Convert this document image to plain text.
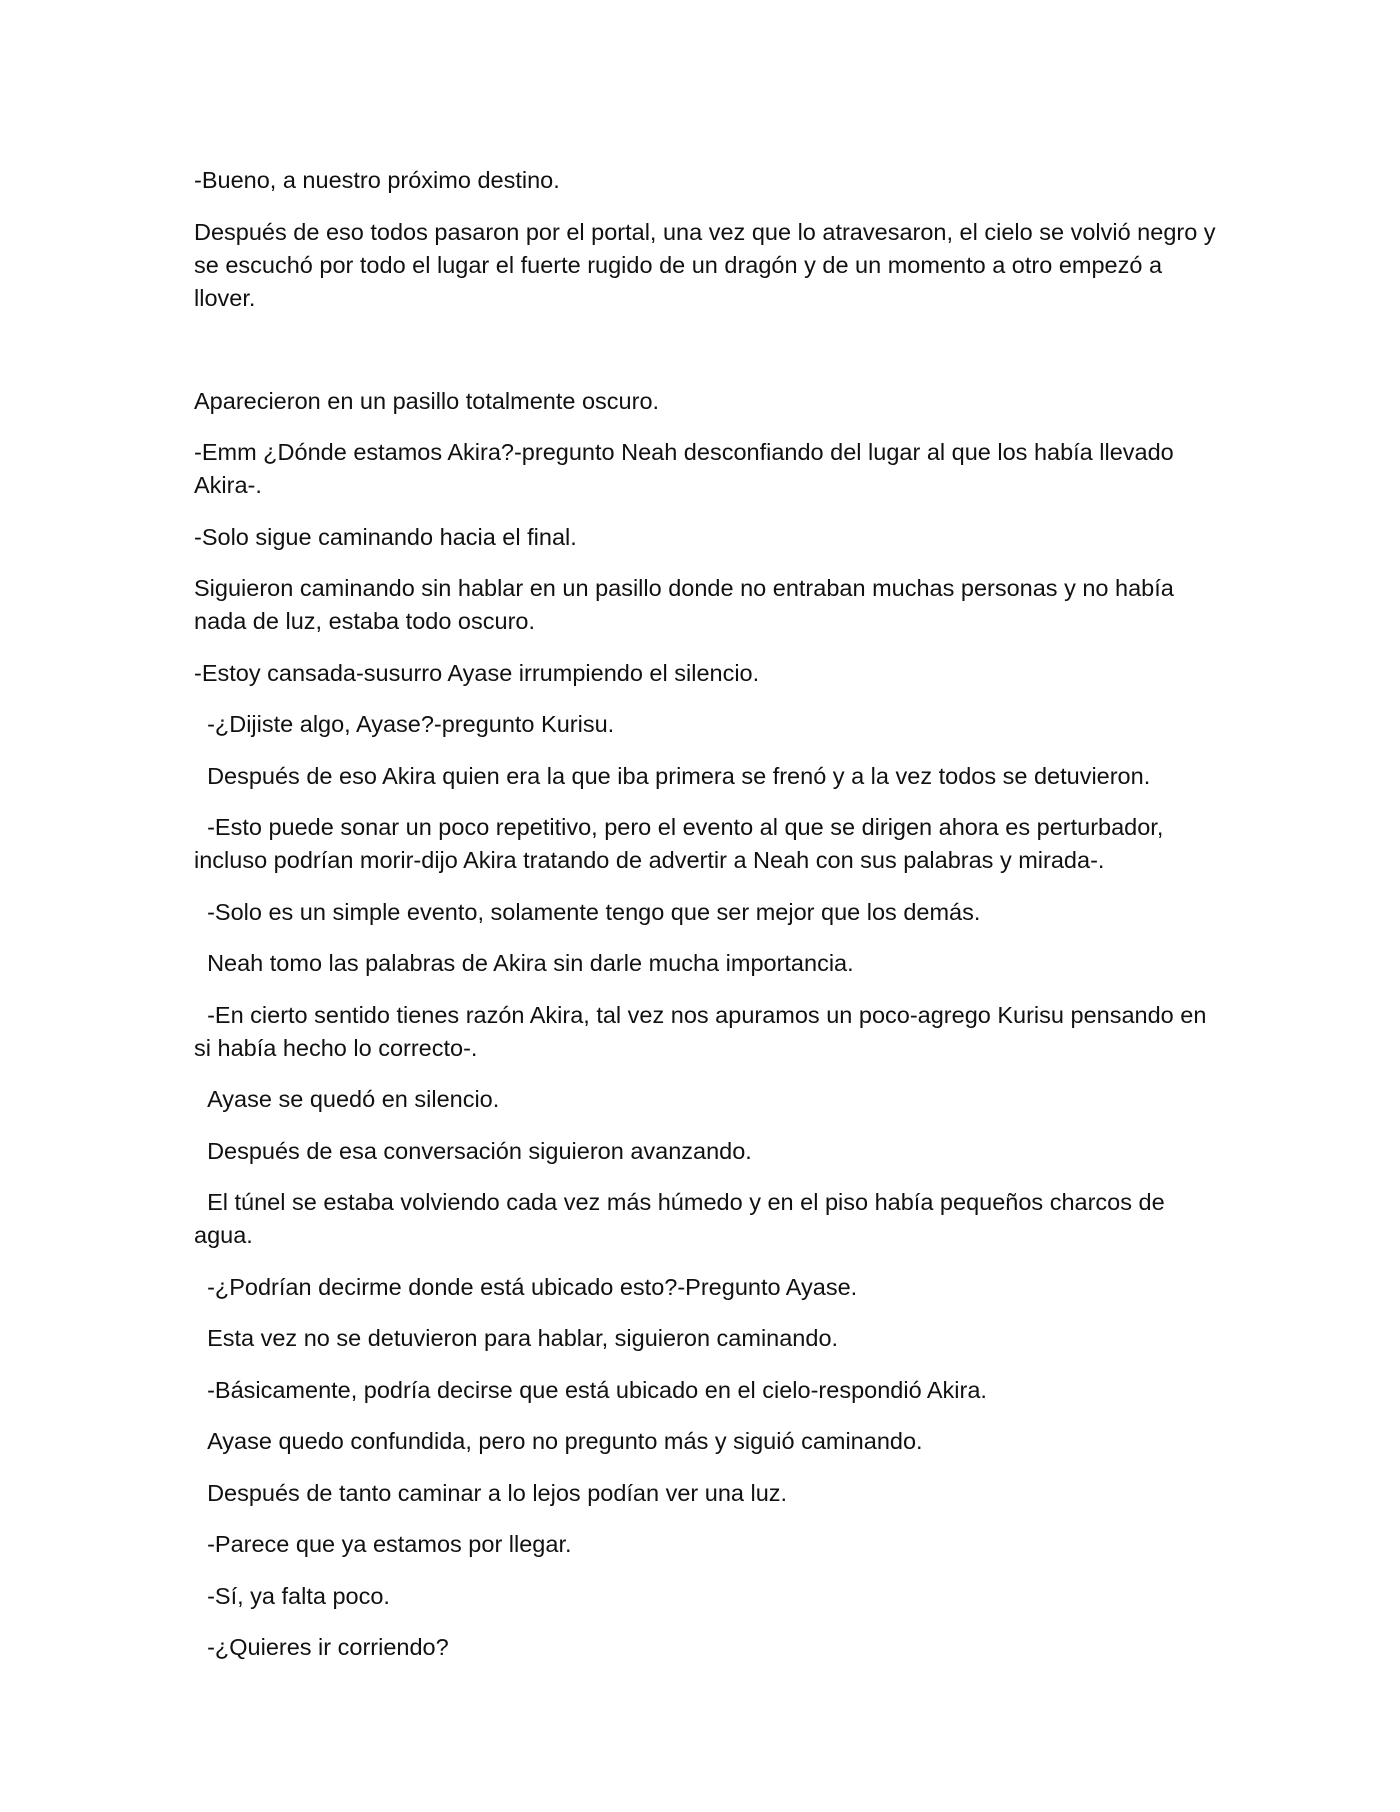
-Bueno, a nuestro próximo destino.

Después de eso todos pasaron por el portal, una vez que lo atravesaron, el cielo se volvió negro y se escuchó por todo el lugar el fuerte rugido de un dragón y de un momento a otro empezó a llover.

Aparecieron en un pasillo totalmente oscuro.

-Emm ¿Dónde estamos Akira?-pregunto Neah desconfiando del lugar al que los había llevado Akira-.

-Solo sigue caminando hacia el final.

Siguieron caminando sin hablar en un pasillo donde no entraban muchas personas y no había nada de luz, estaba todo oscuro.

-Estoy cansada-susurro Ayase irrumpiendo el silencio.

-¿Dijiste algo, Ayase?-pregunto Kurisu.

Después de eso Akira quien era la que iba primera se frenó y a la vez todos se detuvieron.

-Esto puede sonar un poco repetitivo, pero el evento al que se dirigen ahora es perturbador, incluso podrían morir-dijo Akira tratando de advertir a Neah con sus palabras y mirada-.

-Solo es un simple evento, solamente tengo que ser mejor que los demás.

Neah tomo las palabras de Akira sin darle mucha importancia.

-En cierto sentido tienes razón Akira, tal vez nos apuramos un poco-agrego Kurisu pensando en si había hecho lo correcto-.

Ayase se quedó en silencio.

Después de esa conversación siguieron avanzando.

El túnel se estaba volviendo cada vez más húmedo y en el piso había pequeños charcos de agua.

-¿Podrían decirme donde está ubicado esto?-Pregunto Ayase.

Esta vez no se detuvieron para hablar, siguieron caminando.

-Básicamente, podría decirse que está ubicado en el cielo-respondió Akira.

Ayase quedo confundida, pero no pregunto más y siguió caminando.

Después de tanto caminar a lo lejos podían ver una luz.

-Parece que ya estamos por llegar.

-Sí, ya falta poco.

-¿Quieres ir corriendo?
